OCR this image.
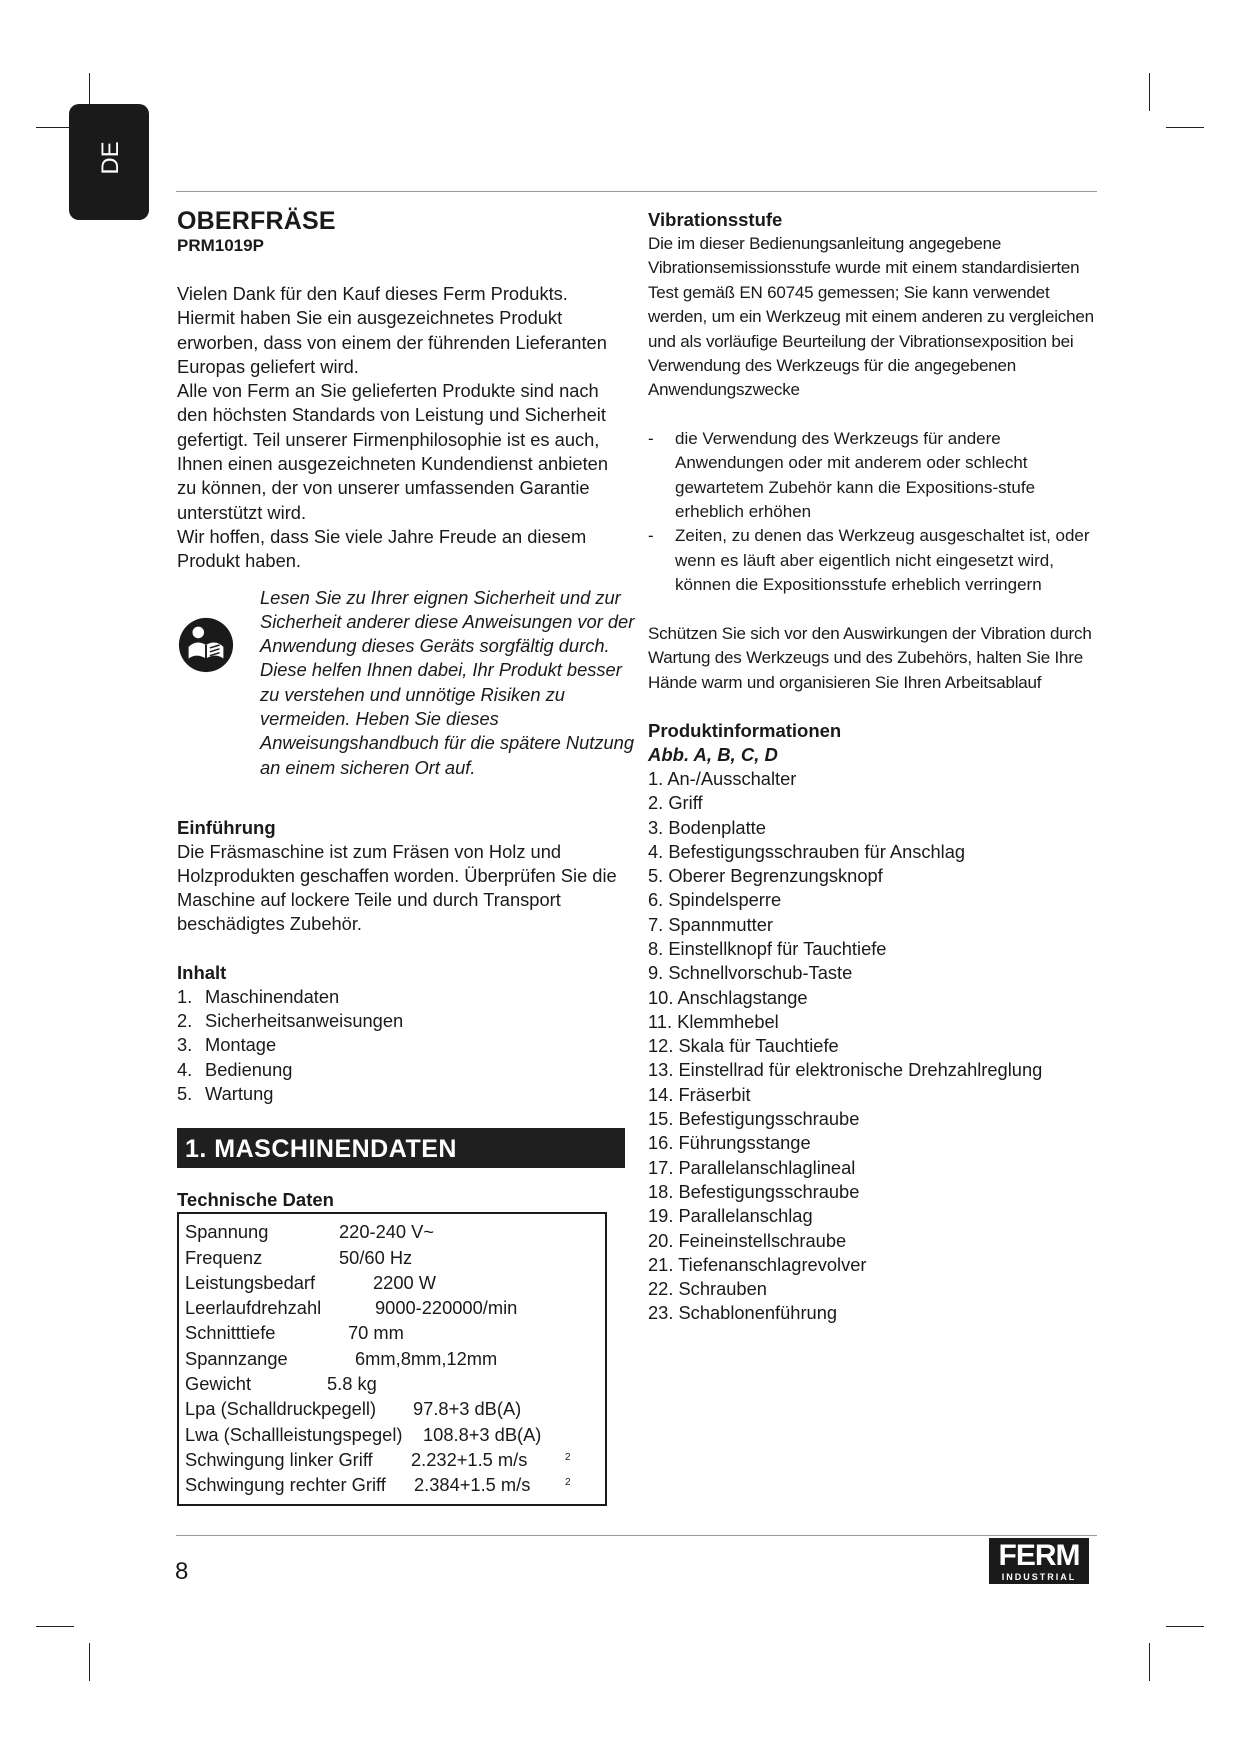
DE
OBERFRÄSE
PRM1019P

Vielen Dank für den Kauf dieses Ferm Produkts. Hiermit haben Sie ein ausgezeichnetes Produkt erworben, dass von einem der führenden Lieferanten Europas geliefert wird.

Alle von Ferm an Sie gelieferten Produkte sind nach den höchsten Standards von Leistung und Sicherheit gefertigt. Teil unserer Firmenphilosophie ist es auch, Ihnen einen ausgezeichneten Kundendienst anbieten zu können, der von unserer umfassenden Garantie unterstützt wird.

Wir hoffen, dass Sie viele Jahre Freude an diesem Produkt haben.

Lesen Sie zu Ihrer eignen Sicherheit und zur Sicherheit anderer diese Anweisungen vor der Anwendung dieses Geräts sorgfältig durch. Diese helfen Ihnen dabei, Ihr Produkt besser zu verstehen und unnötige Risiken zu vermeiden. Heben Sie dieses Anweisungshandbuch für die spätere Nutzung an einem sicheren Ort auf.
Einführung

Die Fräsmaschine ist zum Fräsen von Holz und Holzprodukten geschaffen worden. Überprüfen Sie die Maschine auf lockere Teile und durch Transport beschädigtes Zubehör.

Inhalt
1. Maschinendaten
2. Sicherheitsanweisungen
3. Montage
4. Bedienung
5. Wartung
1. MASCHINENDATEN
Technische Daten
Spannung	220-240 V~
Frequenz	50/60 Hz
Leistungsbedarf	2200 W
Leerlaufdrehzahl	9000-220000/min
Schnitttiefe	70 mm
Spannzange	6mm,8mm,12mm
Gewicht	5.8 kg
Lpa (Schalldruckpegell) 97.8+3 dB(A)
Lwa (Schallleistungspegel) 108.8+3 dB(A)
Schwingung linker Griff 2.232+1.5 m/s	2
Schwingung rechter Griff 2.384+1.5 m/s	2
Vibrationsstufe

Die im dieser Bedienungsanleitung angegebene Vibrationsemissionsstufe wurde mit einem standardisierten Test gemäß EN 60745 gemessen; Sie kann verwendet werden, um ein Werkzeug mit einem anderen zu vergleichen und als vorläufige Beurteilung der Vibrationsexposition bei Verwendung des Werkzeugs für die angegebenen Anwendungszwecke

- die Verwendung des Werkzeugs für andere Anwendungen oder mit anderem oder schlecht gewartetem Zubehör kann die Expositions-stufe erheblich erhöhen
- Zeiten, zu denen das Werkzeug ausgeschaltet ist, oder wenn es läuft aber eigentlich nicht eingesetzt wird, können die Expositionsstufe erheblich verringern

Schützen Sie sich vor den Auswirkungen der Vibration durch Wartung des Werkzeugs und des Zubehörs, halten Sie Ihre Hände warm und organisieren Sie Ihren Arbeitsablauf

Produktinformationen
Abb. A, B, C, D
1. An-/Ausschalter
2. Griff
3. Bodenplatte
4. Befestigungsschrauben für Anschlag
5. Oberer Begrenzungsknopf
6. Spindelsperre
7. Spannmutter
8. Einstellknopf für Tauchtiefe
9. Schnellvorschub-Taste
10. Anschlagstange
11. Klemmhebel
12. Skala für Tauchtiefe
13. Einstellrad für elektronische Drehzahlreglung
14. Fräserbit
15. Befestigungsschraube
16. Führungsstange
17. Parallelanschlaglineal
18. Befestigungsschraube
19. Parallelanschlag
20. Feineinstellschraube
21. Tiefenanschlagrevolver
22. Schrauben
23. Schablonenführung
8	FERM
INDUSTRIAL
